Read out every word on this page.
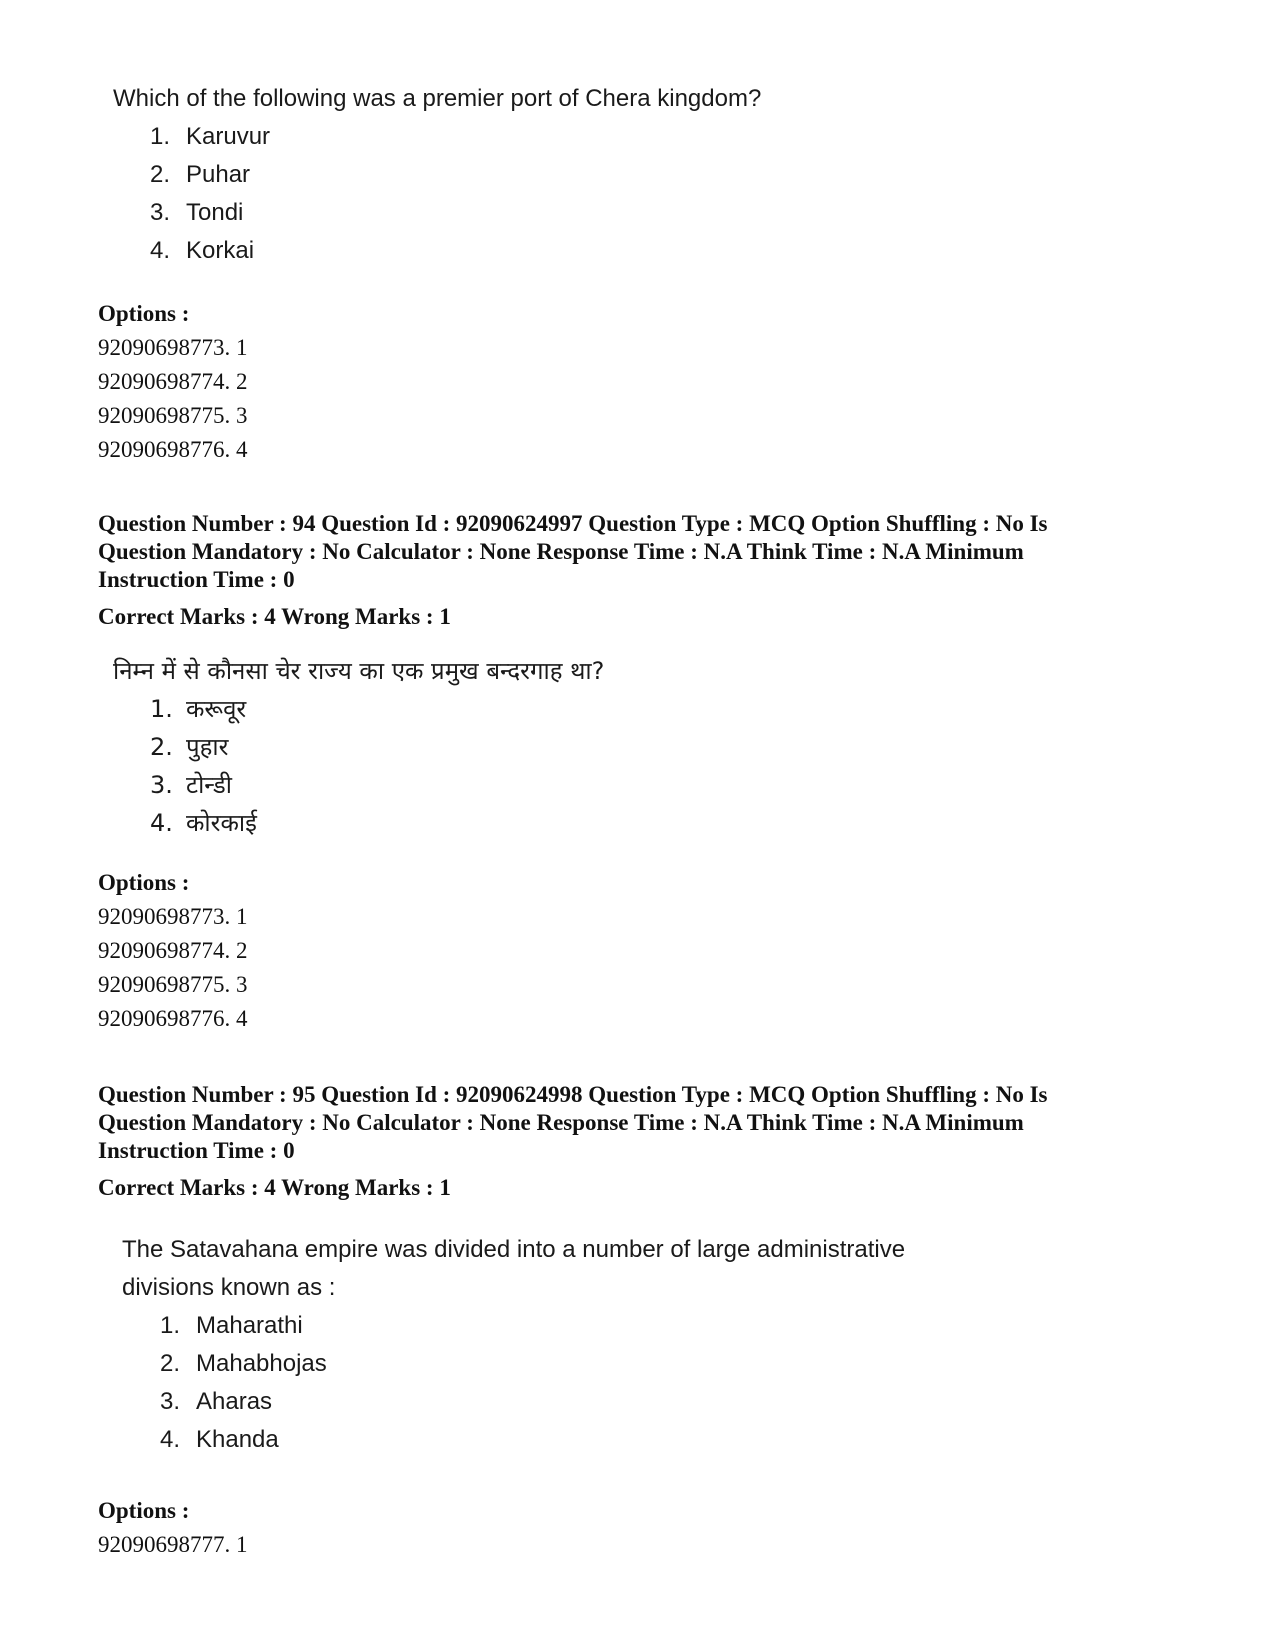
Which of the following was a premier port of Chera kingdom?
1. Karuvur
2. Puhar
3. Tondi
4. Korkai
Options :
92090698773. 1
92090698774. 2
92090698775. 3
92090698776. 4
Question Number : 94 Question Id : 92090624997 Question Type : MCQ Option Shuffling : No Is
Question Mandatory : No Calculator : None Response Time : N.A Think Time : N.A Minimum
Instruction Time : 0
Correct Marks : 4 Wrong Marks : 1
निम्न में से कौनसा चेर राज्य का एक प्रमुख बन्दरगाह था?
1. करूवूर
2. पुहार
3. टोन्डी
4. कोरकाई
Options :
92090698773. 1
92090698774. 2
92090698775. 3
92090698776. 4
Question Number : 95 Question Id : 92090624998 Question Type : MCQ Option Shuffling : No Is
Question Mandatory : No Calculator : None Response Time : N.A Think Time : N.A Minimum
Instruction Time : 0
Correct Marks : 4 Wrong Marks : 1
The Satavahana empire was divided into a number of large administrative
divisions known as :
1. Maharathi
2. Mahabhojas
3. Aharas
4. Khanda
Options :
92090698777. 1
